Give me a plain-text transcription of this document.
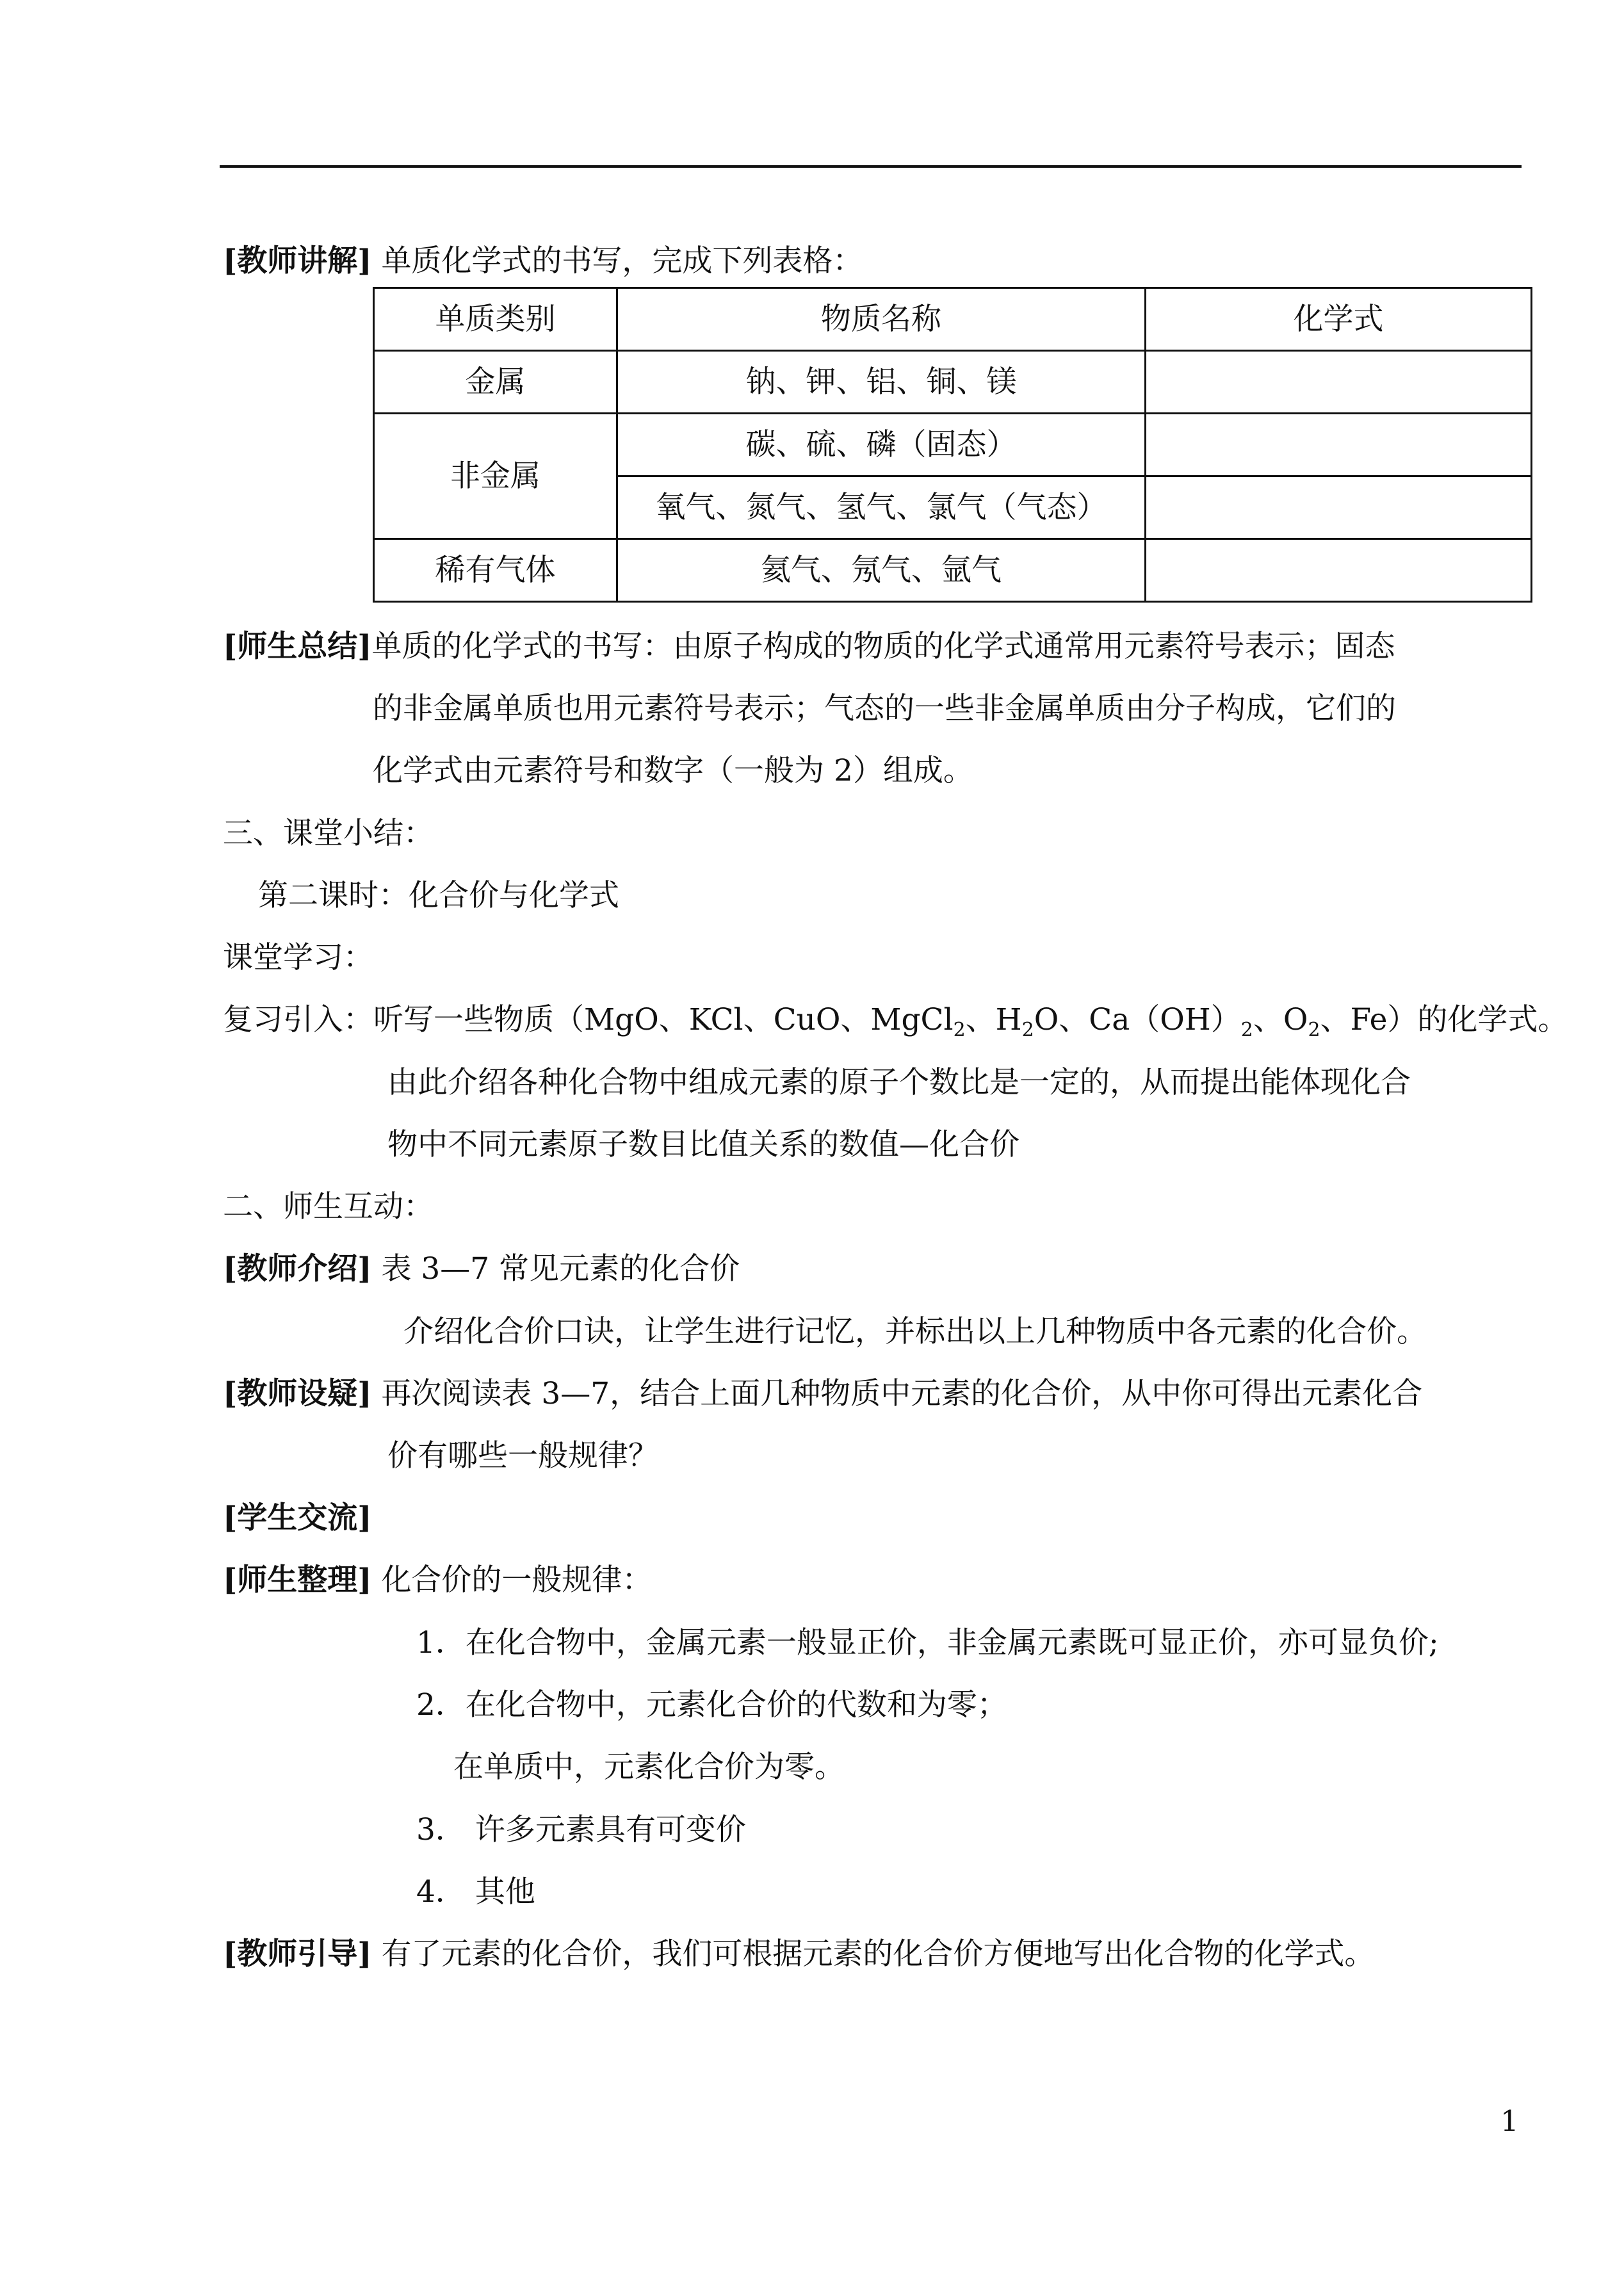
[教师讲解] 单质化学式的书写，完成下列表格：
单质类别	物质名称	化学式
金属	钠、钾、铝、铜、镁	
非金属	碳、硫、磷（固态）	
	氧气、氮气、氢气、氯气（气态）	
稀有气体	氦气、氖气、氩气	
[师生总结]单质的化学式的书写：由原子构成的物质的化学式通常用元素符号表示；固态
的非金属单质也用元素符号表示；气态的一些非金属单质由分子构成，它们的
化学式由元素符号和数字（一般为 2）组成。
三、课堂小结：
第二课时：化合价与化学式
课堂学习：
复习引入：听写一些物质（MgO、KCl、CuO、MgCl$_2$、$H_2O$、$Ca(OH)_2$、$O_2$、Fe）的化学式。
由此介绍各种化合物中组成元素的原子个数比是一定的，从而提出能体现化合
物中不同元素原子数目比值关系的数值—化合价
二、师生互动：
[教师介绍] 表 3—7 常见元素的化合价
介绍化合价口诀，让学生进行记忆，并标出以上几种物质中各元素的化合价。
[教师设疑] 再次阅读表 3—7，结合上面几种物质中元素的化合价，从中你可得出元素化合
价有哪些一般规律？
[学生交流]
[师生整理] 化合价的一般规律：
1．在化合物中，金属元素一般显正价，非金属元素既可显正价，亦可显负价;
2．在化合物中，元素化合价的代数和为零；
在单质中，元素化合价为零。
3． 许多元素具有可变价
4． 其他
[教师引导] 有了元素的化合价，我们可根据元素的化合价方便地写出化合物的化学式。
1
